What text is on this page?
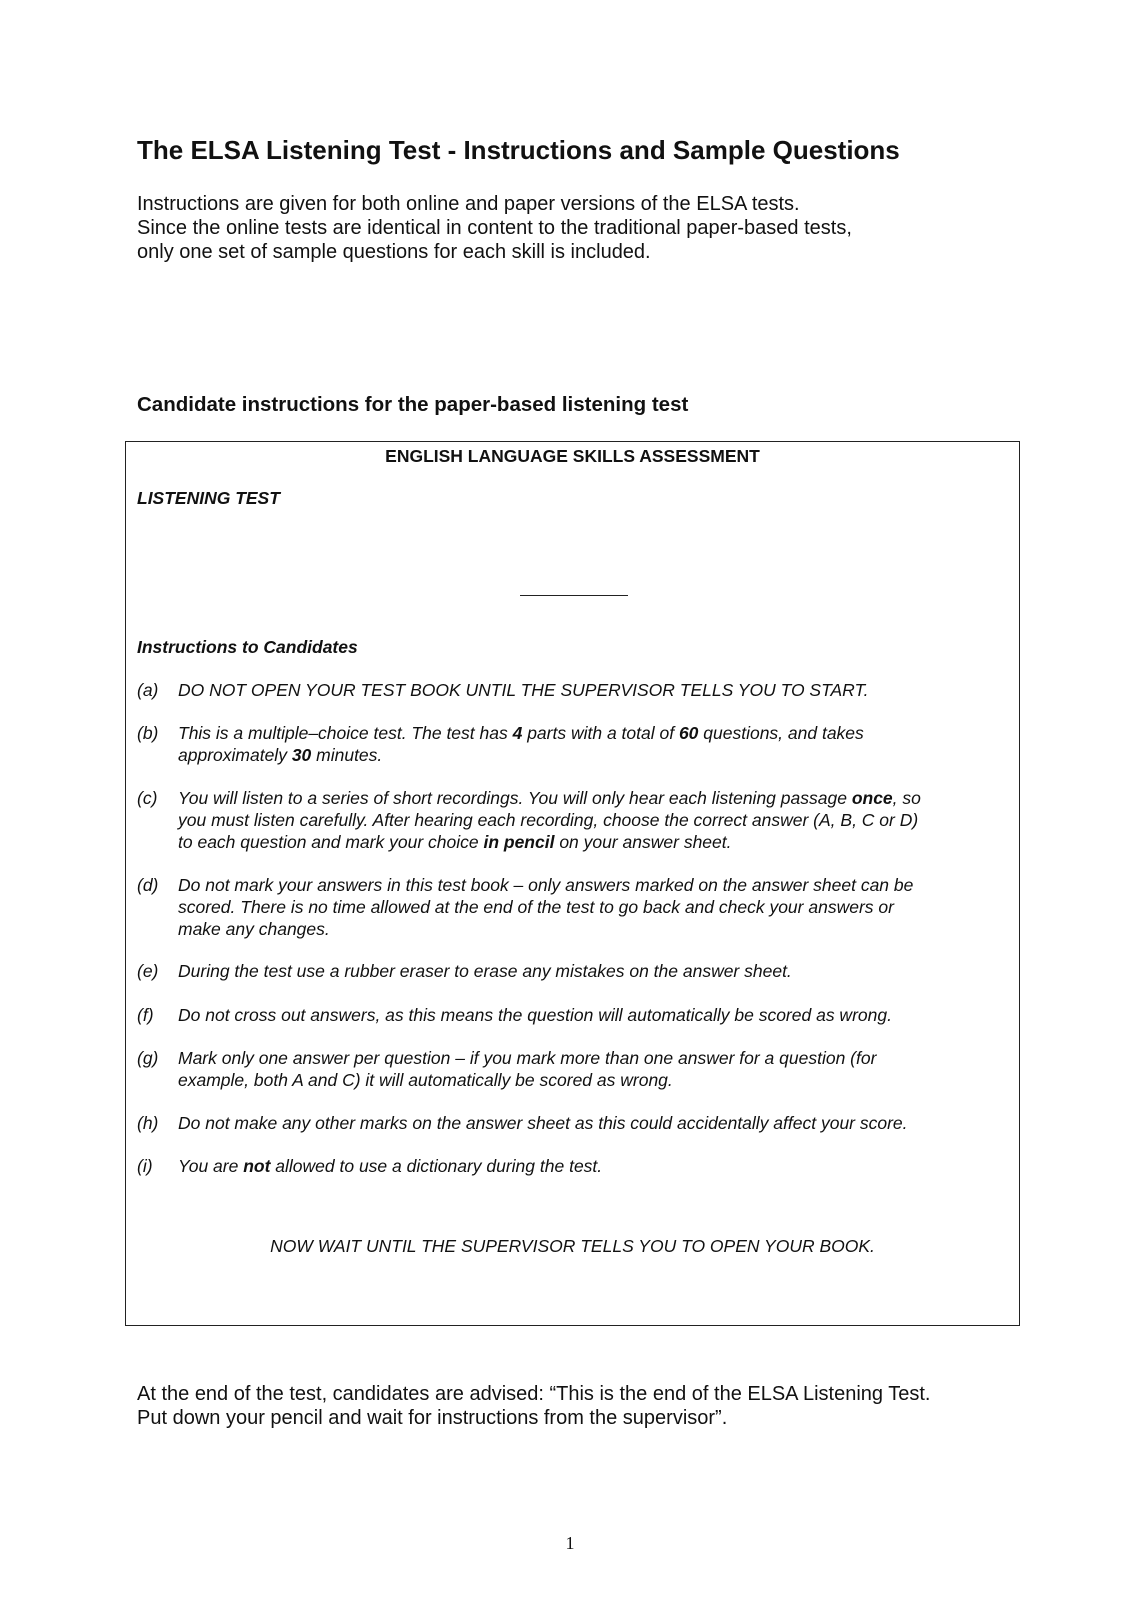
The ELSA Listening Test - Instructions and Sample Questions
Instructions are given for both online and paper versions of the ELSA tests.
Since the online tests are identical in content to the traditional paper-based tests,
only one set of sample questions for each skill is included.
Candidate instructions for the paper-based listening test
ENGLISH LANGUAGE SKILLS ASSESSMENT
LISTENING TEST
Instructions to Candidates
(a) DO NOT OPEN YOUR TEST BOOK UNTIL THE SUPERVISOR TELLS YOU TO START.
(b) This is a multiple–choice test. The test has 4 parts with a total of 60 questions, and takes
approximately 30 minutes.
(c) You will listen to a series of short recordings. You will only hear each listening passage once, so
you must listen carefully. After hearing each recording, choose the correct answer (A, B, C or D)
to each question and mark your choice in pencil on your answer sheet.
(d) Do not mark your answers in this test book – only answers marked on the answer sheet can be
scored. There is no time allowed at the end of the test to go back and check your answers or
make any changes.
(e) During the test use a rubber eraser to erase any mistakes on the answer sheet.
(f) Do not cross out answers, as this means the question will automatically be scored as wrong.
(g) Mark only one answer per question – if you mark more than one answer for a question (for
example, both A and C) it will automatically be scored as wrong.
(h) Do not make any other marks on the answer sheet as this could accidentally affect your score.
(i) You are not allowed to use a dictionary during the test.
NOW WAIT UNTIL THE SUPERVISOR TELLS YOU TO OPEN YOUR BOOK.
At the end of the test, candidates are advised: “This is the end of the ELSA Listening Test.
Put down your pencil and wait for instructions from the supervisor”.
1
